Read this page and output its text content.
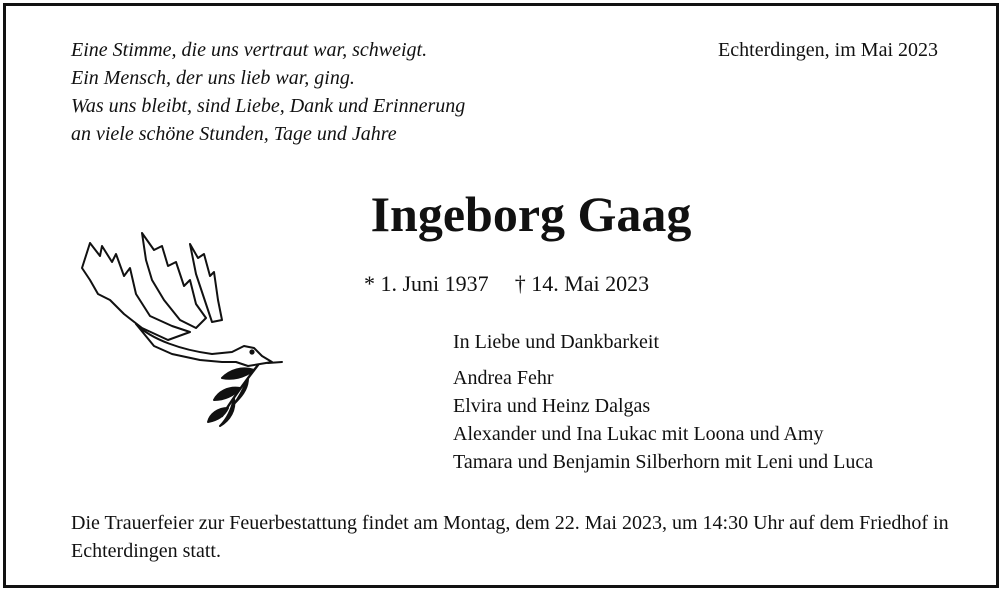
Eine Stimme, die uns vertraut war, schweigt.
Ein Mensch, der uns lieb war, ging.
Was uns bleibt, sind Liebe, Dank und Erinnerung
an viele schöne Stunden, Tage und Jahre
Echterdingen, im Mai 2023
Ingeborg Gaag
* 1. Juni 1937 † 14. Mai 2023
In Liebe und Dankbarkeit
Andrea Fehr
Elvira und Heinz Dalgas
Alexander und Ina Lukac mit Loona und Amy
Tamara und Benjamin Silberhorn mit Leni und Luca
Die Trauerfeier zur Feuerbestattung findet am Montag, dem 22. Mai 2023, um 14:30 Uhr auf dem Friedhof in Echterdingen statt.
